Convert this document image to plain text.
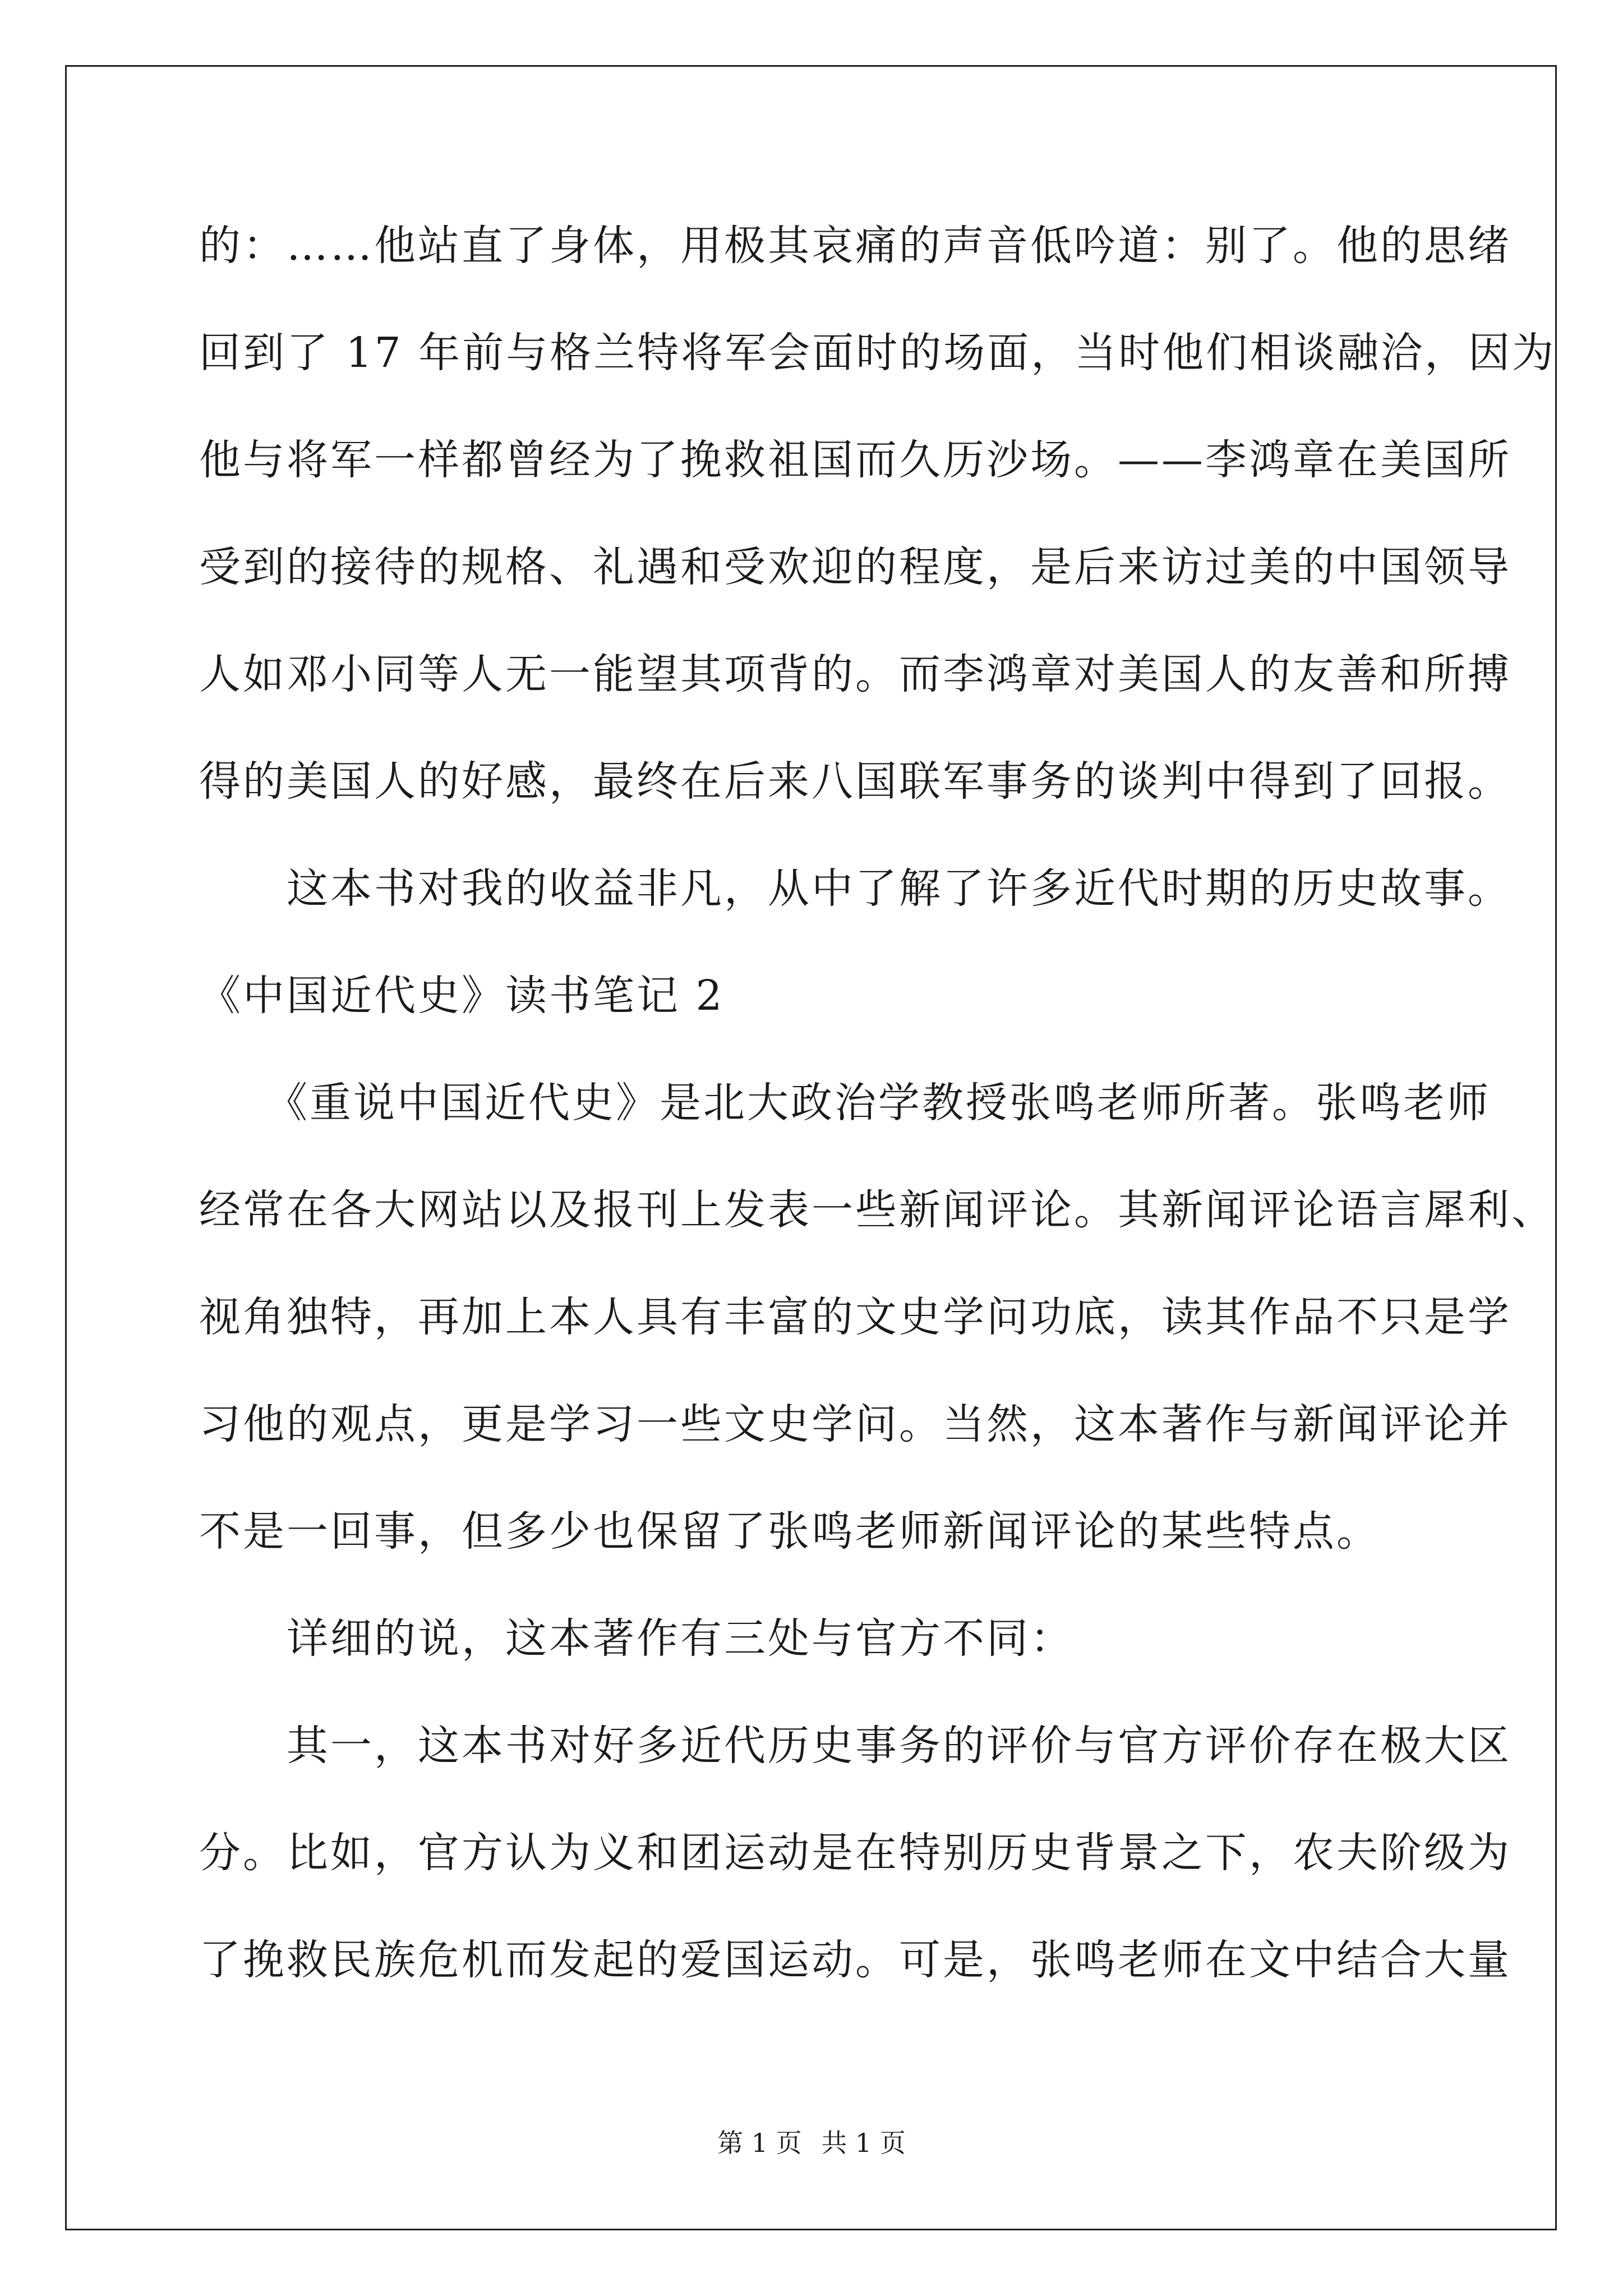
的：……他站直了身体，用极其哀痛的声音低吟道：别了。他的思绪
回到了 17 年前与格兰特将军会面时的场面，当时他们相谈融洽，因为
他与将军一样都曾经为了挽救祖国而久历沙场。——李鸿章在美国所
受到的接待的规格、礼遇和受欢迎的程度，是后来访过美的中国领导
人如邓小同等人无一能望其项背的。而李鸿章对美国人的友善和所搏
得的美国人的好感，最终在后来八国联军事务的谈判中得到了回报。
　　这本书对我的收益非凡，从中了解了许多近代时期的历史故事。
《中国近代史》读书笔记 2
　　《重说中国近代史》是北大政治学教授张鸣老师所著。张鸣老师
经常在各大网站以及报刊上发表一些新闻评论。其新闻评论语言犀利、
视角独特，再加上本人具有丰富的文史学问功底，读其作品不只是学
习他的观点，更是学习一些文史学问。当然，这本著作与新闻评论并
不是一回事，但多少也保留了张鸣老师新闻评论的某些特点。
　　详细的说，这本著作有三处与官方不同：
　　其一，这本书对好多近代历史事务的评价与官方评价存在极大区
分。比如，官方认为义和团运动是在特别历史背景之下，农夫阶级为
了挽救民族危机而发起的爱国运动。可是，张鸣老师在文中结合大量
第 1 页 共 1 页
